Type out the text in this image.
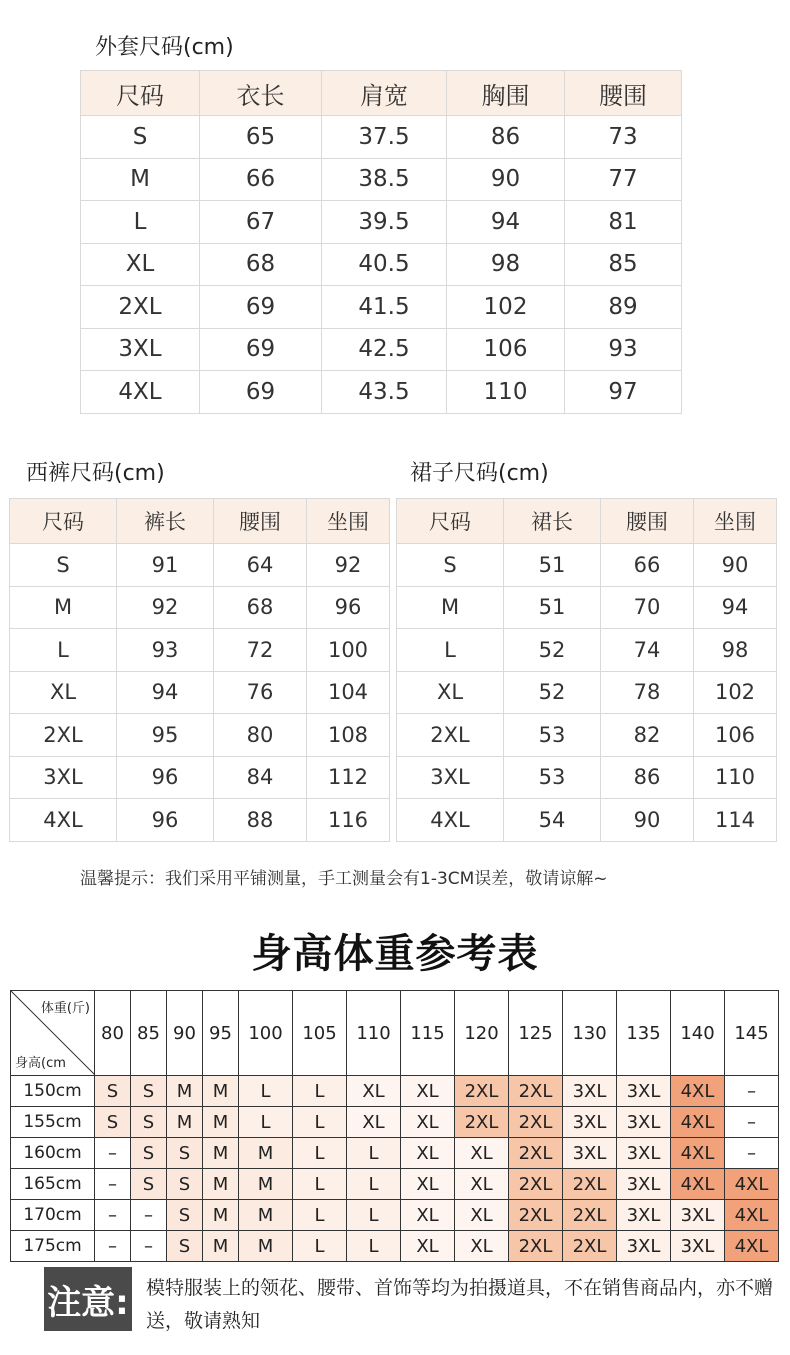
外套尺码(cm)
尺码	衣长	肩宽	胸围	腰围
S	65	37.5	86	73
M	66	38.5	90	77
L	67	39.5	94	81
XL	68	40.5	98	85
2XL	69	41.5	102	89
3XL	69	42.5	106	93
4XL	69	43.5	110	97
西裤尺码(cm)
尺码	裤长	腰围	坐围
S	91	64	92
M	92	68	96
L	93	72	100
XL	94	76	104
2XL	95	80	108
3XL	96	84	112
4XL	96	88	116
裙子尺码(cm)
尺码	裙长	腰围	坐围
S	51	66	90
M	51	70	94
L	52	74	98
XL	52	78	102
2XL	53	82	106
3XL	53	86	110
4XL	54	90	114
温馨提示：我们采用平铺测量，手工测量会有1-3CM误差，敬请谅解~
身高体重参考表
体重(斤)
身高(cm	80	85	90	95	100	105	110	115	120	125	130	135	140	145
150cm	S	S	M	M	L	L	XL	XL	2XL	2XL	3XL	3XL	4XL	–
155cm	S	S	M	M	L	L	XL	XL	2XL	2XL	3XL	3XL	4XL	–
160cm	–	S	S	M	M	L	L	XL	XL	2XL	3XL	3XL	4XL	–
165cm	–	S	S	M	M	L	L	XL	XL	2XL	2XL	3XL	4XL	4XL
170cm	–	–	S	M	M	L	L	XL	XL	2XL	2XL	3XL	3XL	4XL
175cm	–	–	S	M	M	L	L	XL	XL	2XL	2XL	3XL	3XL	4XL
注意: 模特服装上的领花、腰带、首饰等均为拍摄道具，不在销售商品内，亦不赠送，敬请熟知
